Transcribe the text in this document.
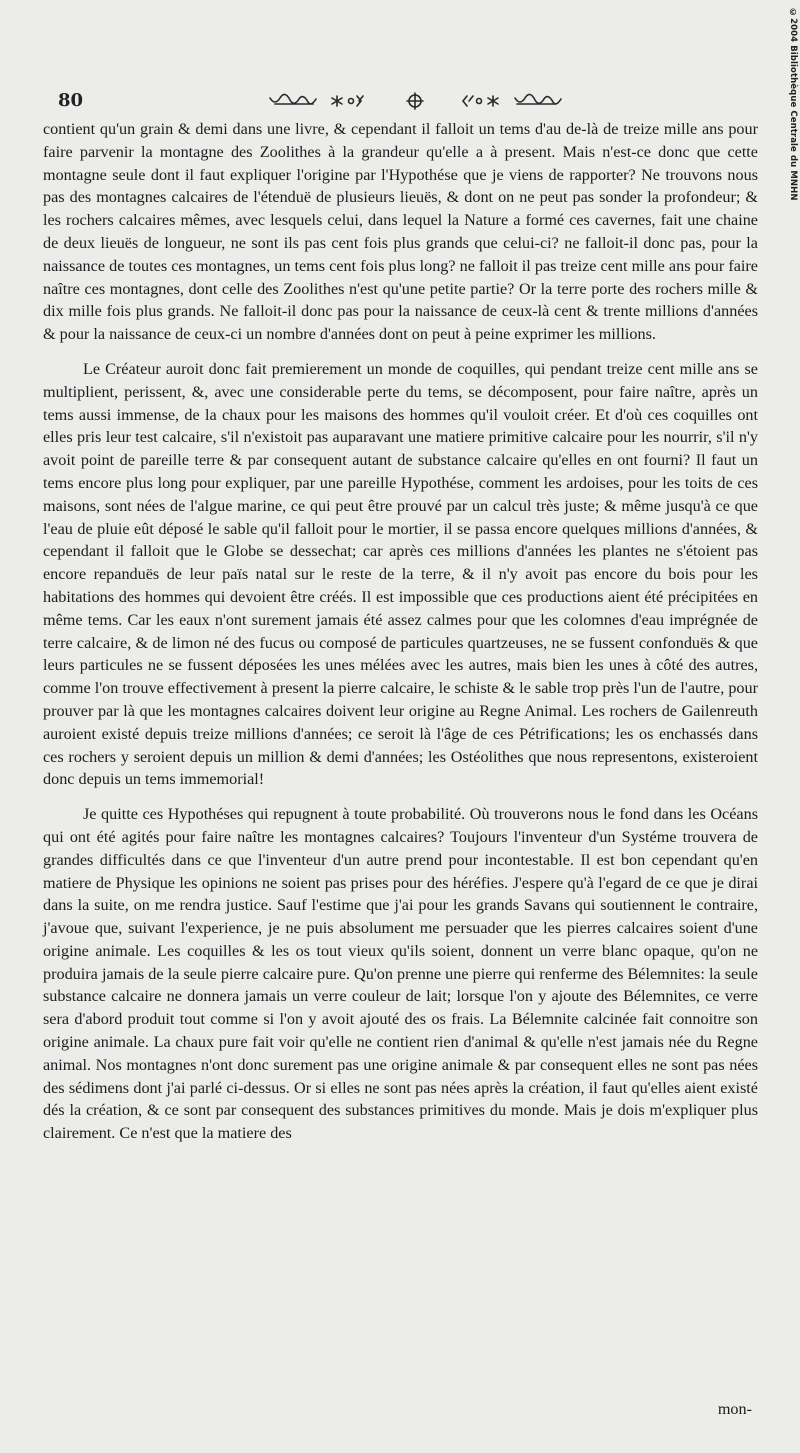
©2004 Bibliothèque Centrale du MNHN
80

contient qu'un grain & demi dans une livre, & cependant il falloit un tems d'au de-là de treize mille ans pour faire parvenir la montagne des Zoolithes à la grandeur qu'elle a à present. Mais n'est-ce donc que cette montagne seule dont il faut expliquer l'origine par l'Hypothése que je viens de rapporter? Ne trouvons nous pas des montagnes calcaires de l'étenduë de plusieurs lieuës, & dont on ne peut pas sonder la profondeur; & les rochers calcaires mêmes, avec lesquels celui, dans lequel la Nature a formé ces cavernes, fait une chaine de deux lieuës de longueur, ne sont ils pas cent fois plus grands que celui-ci? ne falloit-il donc pas, pour la naissance de toutes ces montagnes, un tems cent fois plus long? ne falloit il pas treize cent mille ans pour faire naître ces montagnes, dont celle des Zoolithes n'est qu'une petite partie? Or la terre porte des rochers mille & dix mille fois plus grands. Ne falloit-il donc pas pour la naissance de ceux-là cent & trente millions d'années & pour la naissance de ceux-ci un nombre d'années dont on peut à peine exprimer les millions.

Le Créateur auroit donc fait premierement un monde de coquilles, qui pendant treize cent mille ans se multiplient, perissent, &, avec une considerable perte du tems, se décomposent, pour faire naître, après un tems aussi immense, de la chaux pour les maisons des hommes qu'il vouloit créer. Et d'où ces coquilles ont elles pris leur test calcaire, s'il n'existoit pas auparavant une matiere primitive calcaire pour les nourrir, s'il n'y avoit point de pareille terre & par consequent autant de substance calcaire qu'elles en ont fourni? Il faut un tems encore plus long pour expliquer, par une pareille Hypothése, comment les ardoises, pour les toits de ces maisons, sont nées de l'algue marine, ce qui peut être prouvé par un calcul très juste; & même jusqu'à ce que l'eau de pluie eût déposé le sable qu'il falloit pour le mortier, il se passa encore quelques millions d'années, & cependant il falloit que le Globe se dessechat; car après ces millions d'années les plantes ne s'étoient pas encore repanduës de leur païs natal sur le reste de la terre, & il n'y avoit pas encore du bois pour les habitations des hommes qui devoient être créés. Il est impossible que ces productions aient été précipitées en même tems. Car les eaux n'ont surement jamais été assez calmes pour que les colomnes d'eau imprégnée de terre calcaire, & de limon né des fucus ou composé de particules quartzeuses, ne se fussent confonduës & que leurs particules ne se fussent déposées les unes mélées avec les autres, mais bien les unes à côté des autres, comme l'on trouve effectivement à present la pierre calcaire, le schiste & le sable trop près l'un de l'autre, pour prouver par là que les montagnes calcaires doivent leur origine au Regne Animal. Les rochers de Gailenreuth auroient existé depuis treize millions d'années; ce seroit là l'âge de ces Pétrifications; les os enchassés dans ces rochers y seroient depuis un million & demi d'années; les Ostéolithes que nous representons, existeroient donc depuis un tems immemorial!

Je quitte ces Hypothéses qui repugnent à toute probabilité. Où trouverons nous le fond dans les Océans qui ont été agités pour faire naître les montagnes calcaires? Toujours l'inventeur d'un Systéme trouvera de grandes difficultés dans ce que l'inventeur d'un autre prend pour incontestable. Il est bon cependant qu'en matiere de Physique les opinions ne soient pas prises pour des héréfies. J'espere qu'à l'egard de ce que je dirai dans la suite, on me rendra justice. Sauf l'estime que j'ai pour les grands Savans qui soutiennent le contraire, j'avoue que, suivant l'experience, je ne puis absolument me persuader que les pierres calcaires soient d'une origine animale. Les coquilles & les os tout vieux qu'ils soient, donnent un verre blanc opaque, qu'on ne produira jamais de la seule pierre calcaire pure. Qu'on prenne une pierre qui renferme des Bélemnites: la seule substance calcaire ne donnera jamais un verre couleur de lait; lorsque l'on y ajoute des Bélemnites, ce verre sera d'abord produit tout comme si l'on y avoit ajouté des os frais. La Bélemnite calcinée fait connoitre son origine animale. La chaux pure fait voir qu'elle ne contient rien d'animal & qu'elle n'est jamais née du Regne animal. Nos montagnes n'ont donc surement pas une origine animale & par consequent elles ne sont pas nées des sédimens dont j'ai parlé ci-dessus. Or si elles ne sont pas nées après la création, il faut qu'elles aient existé dés la création, & ce sont par consequent des substances primitives du monde. Mais je dois m'expliquer plus clairement. Ce n'est que la matiere des

mon-
